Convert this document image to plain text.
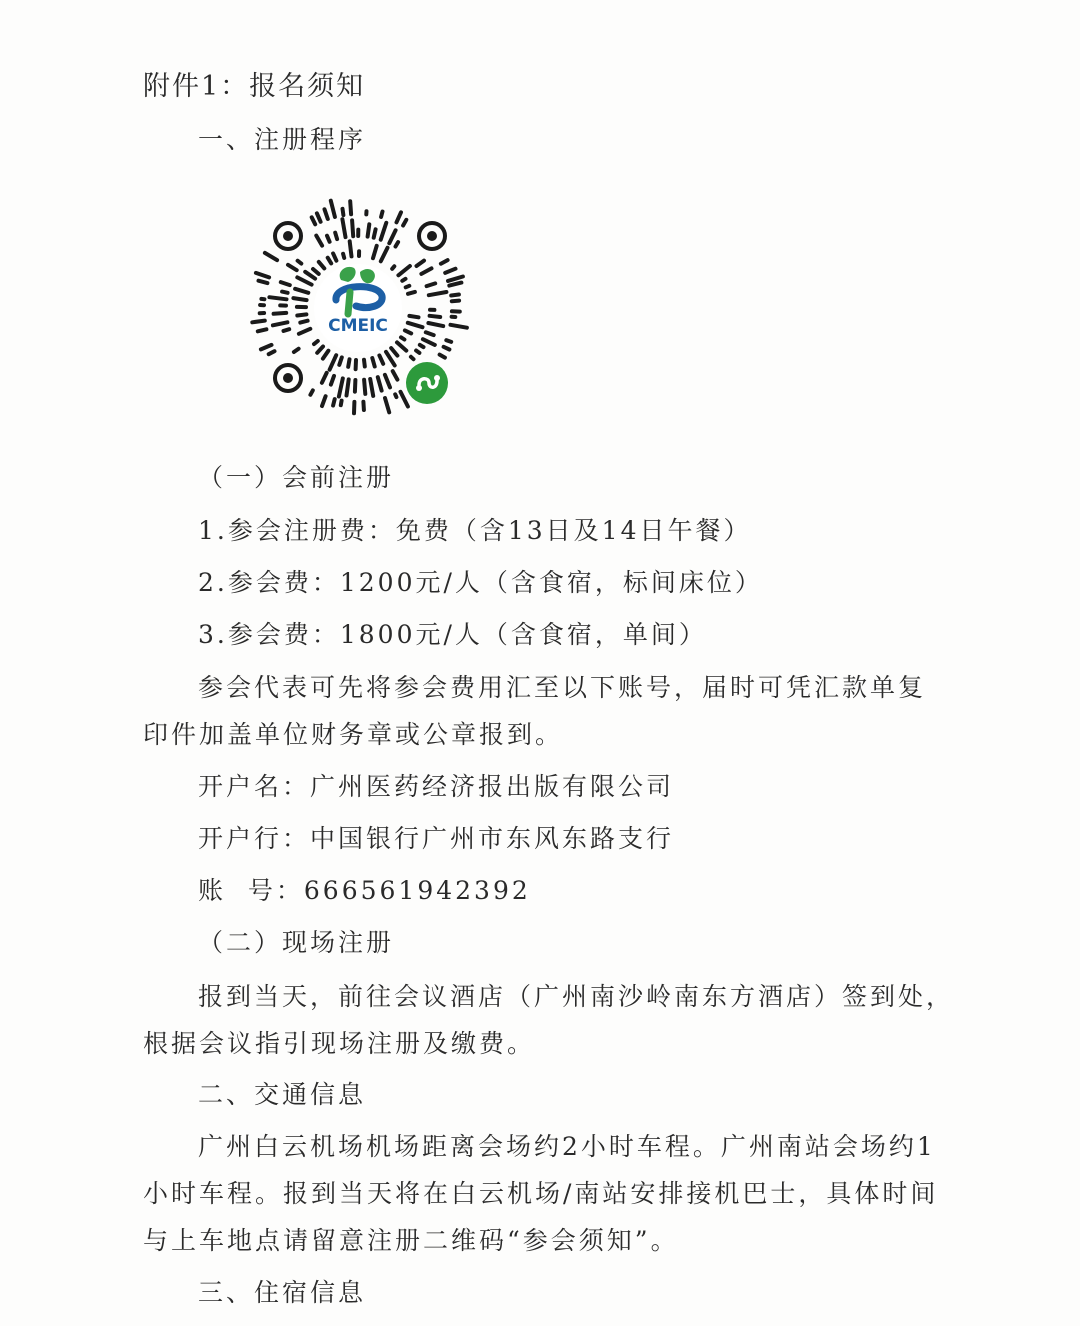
附件1：报名须知
一、注册程序
CMEIC
（一）会前注册
1.参会注册费：免费（含13日及14日午餐）
2.参会费：1200元/人（含食宿，标间床位）
3.参会费：1800元/人（含食宿，单间）
参会代表可先将参会费用汇至以下账号，届时可凭汇款单复
印件加盖单位财务章或公章报到。
开户名：广州医药经济报出版有限公司
开户行：中国银行广州市东风东路支行
账  号：666561942392
（二）现场注册
报到当天，前往会议酒店（广州南沙岭南东方酒店）签到处，
根据会议指引现场注册及缴费。
二、交通信息
广州白云机场机场距离会场约2小时车程。广州南站会场约1
小时车程。报到当天将在白云机场/南站安排接机巴士，具体时间
与上车地点请留意注册二维码“参会须知”。
三、住宿信息
